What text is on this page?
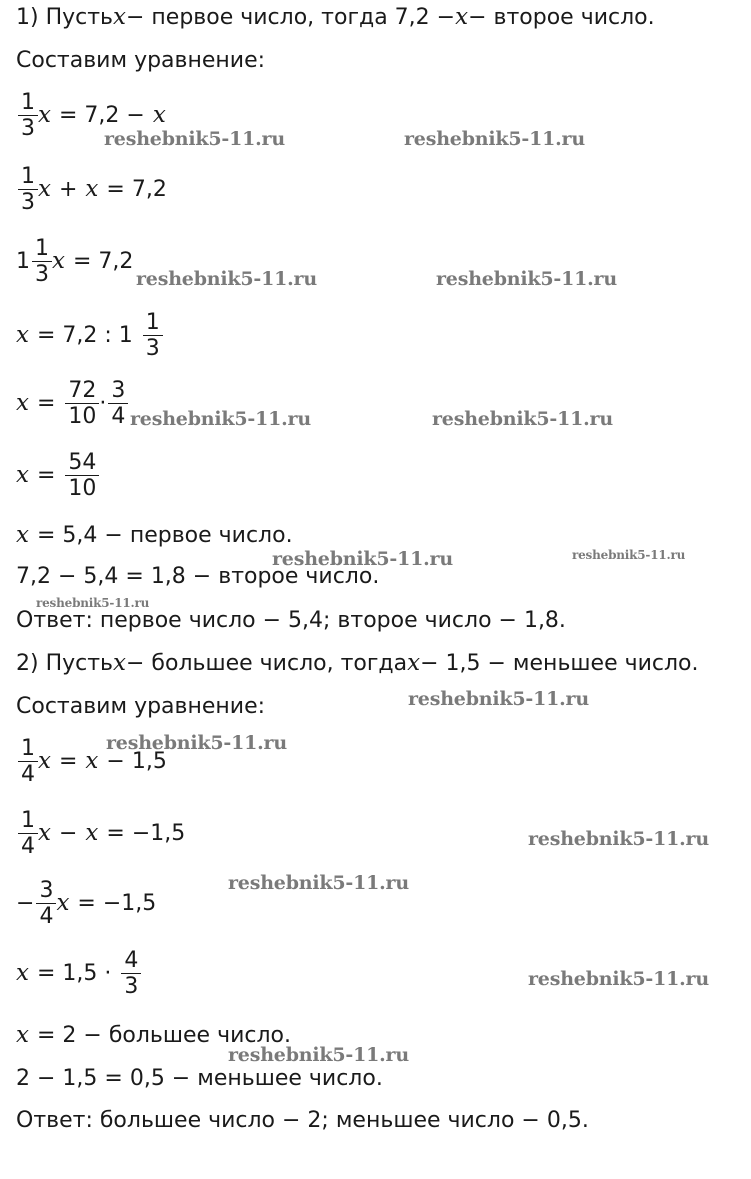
1) Пусть x − первое число, тогда 7,2 − x − второе число.
Составим уравнение:
$\frac{1}{3}$ x = 7,2 − x
$\frac{1}{3}$ x + x = 7,2
$1 \frac{1}{3}$ x = 7,2
x = 7,2 : $1 \frac{1}{3}$
$x = \frac{72}{10} \cdot \frac{3}{4}$
$x = \frac{54}{10}$
x = 5,4 − первое число.
7,2 − 5,4 = 1,8 − второе число.
Ответ: первое число − 5,4; второе число − 1,8.
2) Пусть x − большее число, тогда x − 1,5 − меньшее число.
Составим уравнение:
$\frac{1}{4}$ x = x − 1,5
$\frac{1}{4}$ x − x = −1,5
− $\frac{3}{4}$ x = −1,5
$x = 1,5 \cdot \frac{4}{3}$
x = 2 − большее число.
2 − 1,5 = 0,5 − меньшее число.
Ответ: большее число − 2; меньшее число − 0,5.
reshebnik5-11.ru	reshebnik5-11.ru
reshebnik5-11.ru	reshebnik5-11.ru
reshebnik5-11.ru	reshebnik5-11.ru
reshebnik5-11.ru	reshebnik5-11.ru
reshebnik5-11.ru
reshebnik5-11.ru
reshebnik5-11.ru
reshebnik5-11.ru
reshebnik5-11.ru
reshebnik5-11.ru
reshebnik5-11.ru
